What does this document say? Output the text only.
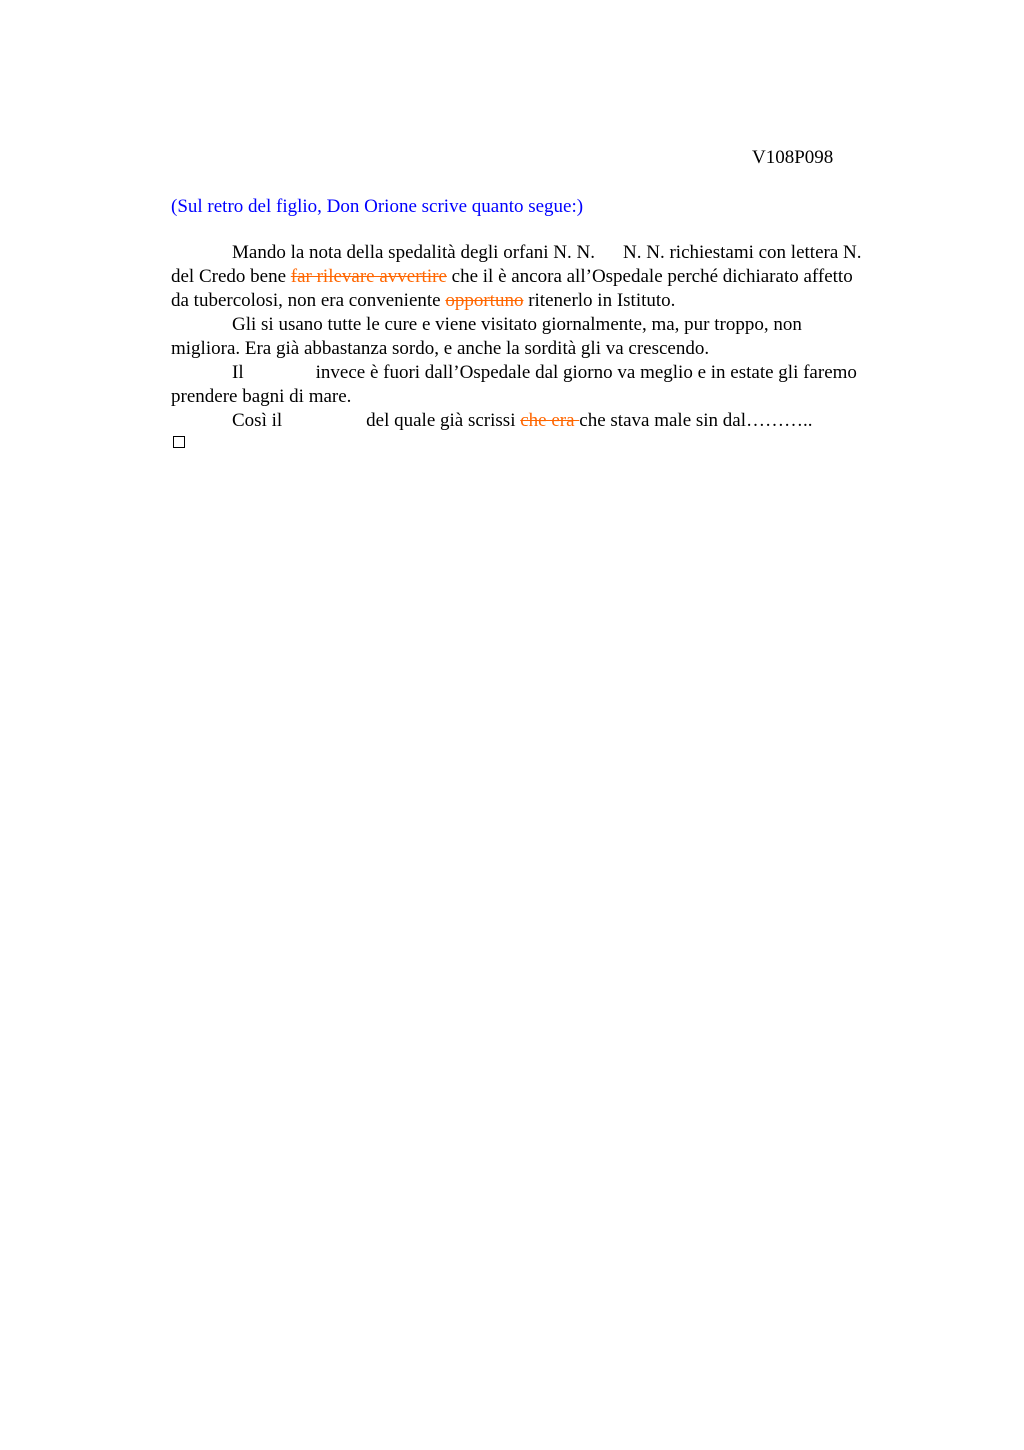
V108P098
(Sul retro del figlio, Don Orione scrive quanto segue:)

Mando la nota della spedalità degli orfani N. N. N. N. richiestami con lettera N.
del Credo bene far rilevare avvertire che il è ancora all’Ospedale perché dichiarato affetto
da tubercolosi, non era conveniente opportuno ritenerlo in Istituto.

Gli si usano tutte le cure e viene visitato giornalmente, ma, pur troppo, non
migliora. Era già abbastanza sordo, e anche la sordità gli va crescendo.

Il	invece è fuori dall’Ospedale dal giorno va meglio e in estate gli faremo
prendere bagni di mare.

Così il	del quale già scrissi che era che stava male sin dal………..
